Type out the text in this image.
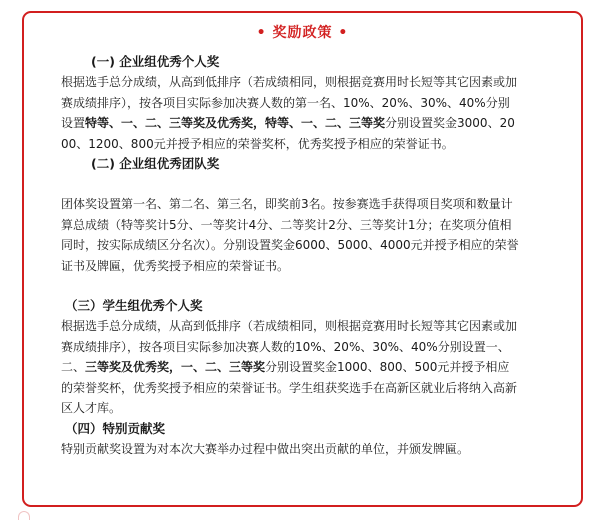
• 奖励政策 •
(一) 企业组优秀个人奖
根据选手总分成绩，从高到低排序（若成绩相同，则根据竞赛用时长短等其它因素或加赛成绩排序），按各项目实际参加决赛人数的第一名、10%、20%、30%、40%分别设置特等、一、二、三等奖及优秀奖，特等、一、二、三等奖分别设置奖金3000、2000、1200、800元并授予相应的荣誉奖杯，优秀奖授予相应的荣誉证书。
(二) 企业组优秀团队奖
团体奖设置第一名、第二名、第三名，即奖前3名。按参赛选手获得项目奖项和数量计算总成绩（特等奖计5分、一等奖计4分、二等奖计2分、三等奖计1分；在奖项分值相同时，按实际成绩区分名次）。分别设置奖金6000、5000、4000元并授予相应的荣誉证书及牌匾，优秀奖授予相应的荣誉证书。
（三）学生组优秀个人奖
根据选手总分成绩，从高到低排序（若成绩相同，则根据竞赛用时长短等其它因素或加赛成绩排序），按各项目实际参加决赛人数的10%、20%、30%、40%分别设置一、二、三等奖及优秀奖，一、二、三等奖分别设置奖金1000、800、500元并授予相应的荣誉奖杯，优秀奖授予相应的荣誉证书。学生组获奖选手在高新区就业后将纳入高新区人才库。
（四）特别贡献奖
特别贡献奖设置为对本次大赛举办过程中做出突出贡献的单位，并颁发牌匾。
